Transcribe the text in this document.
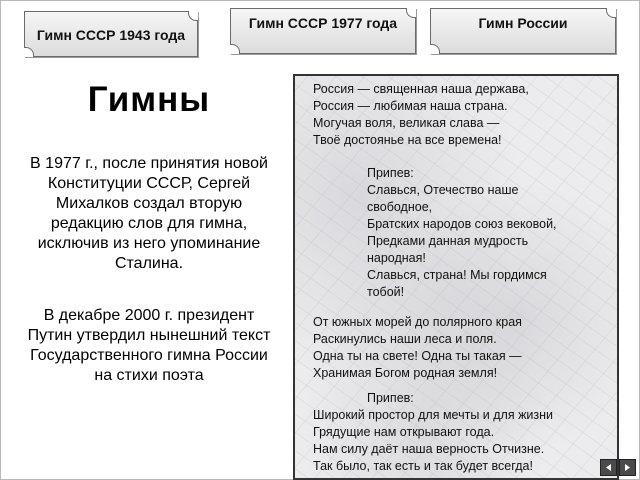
Гимн СССР 1943 года
Гимн СССР 1977 года	Гимн России
Гимны
В 1977 г., после принятия новой Конституции СССР, Сергей Михалков создал вторую редакцию слов для гимна, исключив из него упоминание Сталина.
В декабре 2000 г. президент Путин утвердил нынешний текст Государственного гимна России на стихи поэта
Россия — священная наша держава,
Россия — любимая наша страна.
Могучая воля, великая слава —
Твоё достоянье на все времена!
Припев:
Славься, Отечество наше свободное,
Братских народов союз вековой,
Предками данная мудрость народная!
Славься, страна! Мы гордимся тобой!
От южных морей до полярного края
Раскинулись наши леса и поля.
Одна ты на свете! Одна ты такая —
Хранимая Богом родная земля!
Припев:
Широкий простор для мечты и для жизни
Грядущие нам открывают года.
Нам силу даёт наша верность Отчизне.
Так было, так есть и так будет всегда!
